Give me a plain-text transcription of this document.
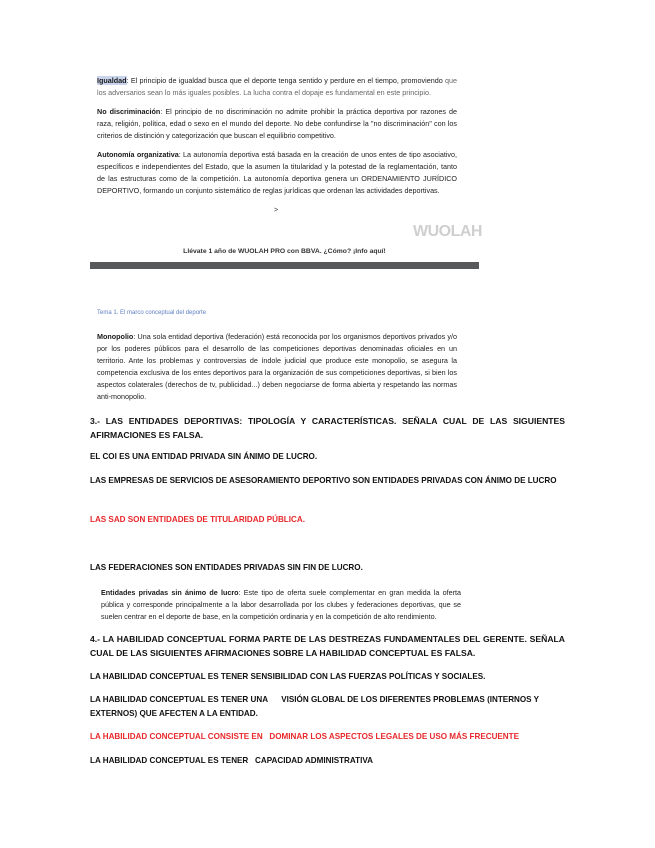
Igualdad: El principio de igualdad busca que el deporte tenga sentido y perdure en el tiempo, promoviendo que los adversarios sean lo más iguales posibles. La lucha contra el dopaje es fundamental en este principio.

No discriminación: El principio de no discriminación no admite prohibir la práctica deportiva por razones de raza, religión, política, edad o sexo en el mundo del deporte. No debe confundirse la "no discriminación" con los criterios de distinción y categorización que buscan el equilibrio competitivo.

Autonomía organizativa: La autonomía deportiva está basada en la creación de unos entes de tipo asociativo, específicos e independientes del Estado, que la asumen la titularidad y la potestad de la reglamentación, tanto de las estructuras como de la competición. La autonomía deportiva genera un ORDENAMIENTO JURÍDICO DEPORTIVO, formando un conjunto sistemático de reglas jurídicas que ordenan las actividades deportivas.

>
WUOLAH
Llévate 1 año de WUOLAH PRO con BBVA. ¿Cómo? ¡Info aquí!
Tema 1. El marco conceptual del deporte

Monopolio: Una sola entidad deportiva (federación) está reconocida por los organismos deportivos privados y/o por los poderes públicos para el desarrollo de las competiciones deportivas denominadas oficiales en un territorio. Ante los problemas y controversias de índole judicial que produce este monopolio, se asegura la competencia exclusiva de los entes deportivos para la organización de sus competiciones deportivas, si bien los aspectos colaterales (derechos de tv, publicidad...) deben negociarse de forma abierta y respetando las normas anti-monopolio.

3.- LAS ENTIDADES DEPORTIVAS: TIPOLOGÍA Y CARACTERÍSTICAS. SEÑALA CUAL DE LAS SIGUIENTES AFIRMACIONES ES FALSA.
EL COI ES UNA ENTIDAD PRIVADA SIN ÁNIMO DE LUCRO.
LAS EMPRESAS DE SERVICIOS DE ASESORAMIENTO DEPORTIVO SON ENTIDADES PRIVADAS CON ÁNIMO DE LUCRO
LAS SAD SON ENTIDADES DE TITULARIDAD PÚBLICA.
LAS FEDERACIONES SON ENTIDADES PRIVADAS SIN FIN DE LUCRO.

Entidades privadas sin ánimo de lucro: Este tipo de oferta suele complementar en gran medida la oferta pública y corresponde principalmente a la labor desarrollada por los clubes y federaciones deportivas, que se suelen centrar en el deporte de base, en la competición ordinaria y en la competición de alto rendimiento.

4.- LA HABILIDAD CONCEPTUAL FORMA PARTE DE LAS DESTREZAS FUNDAMENTALES DEL GERENTE. SEÑALA CUAL DE LAS SIGUIENTES AFIRMACIONES SOBRE LA HABILIDAD CONCEPTUAL ES FALSA.
LA HABILIDAD CONCEPTUAL ES TENER SENSIBILIDAD CON LAS FUERZAS POLÍTICAS Y SOCIALES.
LA HABILIDAD CONCEPTUAL ES TENER UNA      VISIÓN GLOBAL DE LOS DIFERENTES PROBLEMAS (INTERNOS Y EXTERNOS) QUE AFECTEN A LA ENTIDAD.
LA HABILIDAD CONCEPTUAL CONSISTE EN   DOMINAR LOS ASPECTOS LEGALES DE USO MÁS FRECUENTE
LA HABILIDAD CONCEPTUAL ES TENER   CAPACIDAD ADMINISTRATIVA
